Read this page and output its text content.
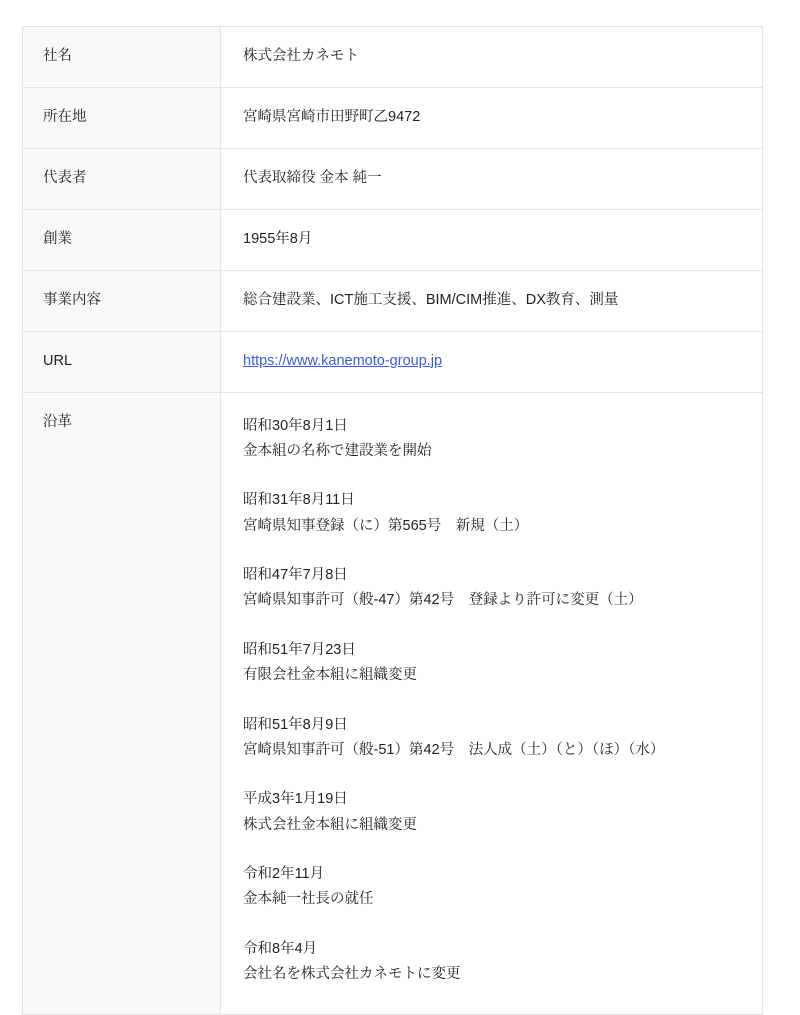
社名	株式会社カネモト
所在地	宮崎県宮崎市田野町乙9472
代表者	代表取締役 金本 純一
創業	1955年8月
事業内容	総合建設業、ICT施工支援、BIM/CIM推進、DX教育、測量
URL	https://www.kanemoto-group.jp
沿革	昭和30年8月1日
金本組の名称で建設業を開始
昭和31年8月11日
宮崎県知事登録（に）第565号　新規（土）
昭和47年7月8日
宮崎県知事許可（般-47）第42号　登録より許可に変更（土）
昭和51年7月23日
有限会社金本組に組織変更
昭和51年8月9日
宮崎県知事許可（般-51）第42号　法人成（土）（と）（ほ）（水）
平成3年1月19日
株式会社金本組に組織変更
令和2年11月
金本純一社長の就任
令和8年4月
会社名を株式会社カネモトに変更
